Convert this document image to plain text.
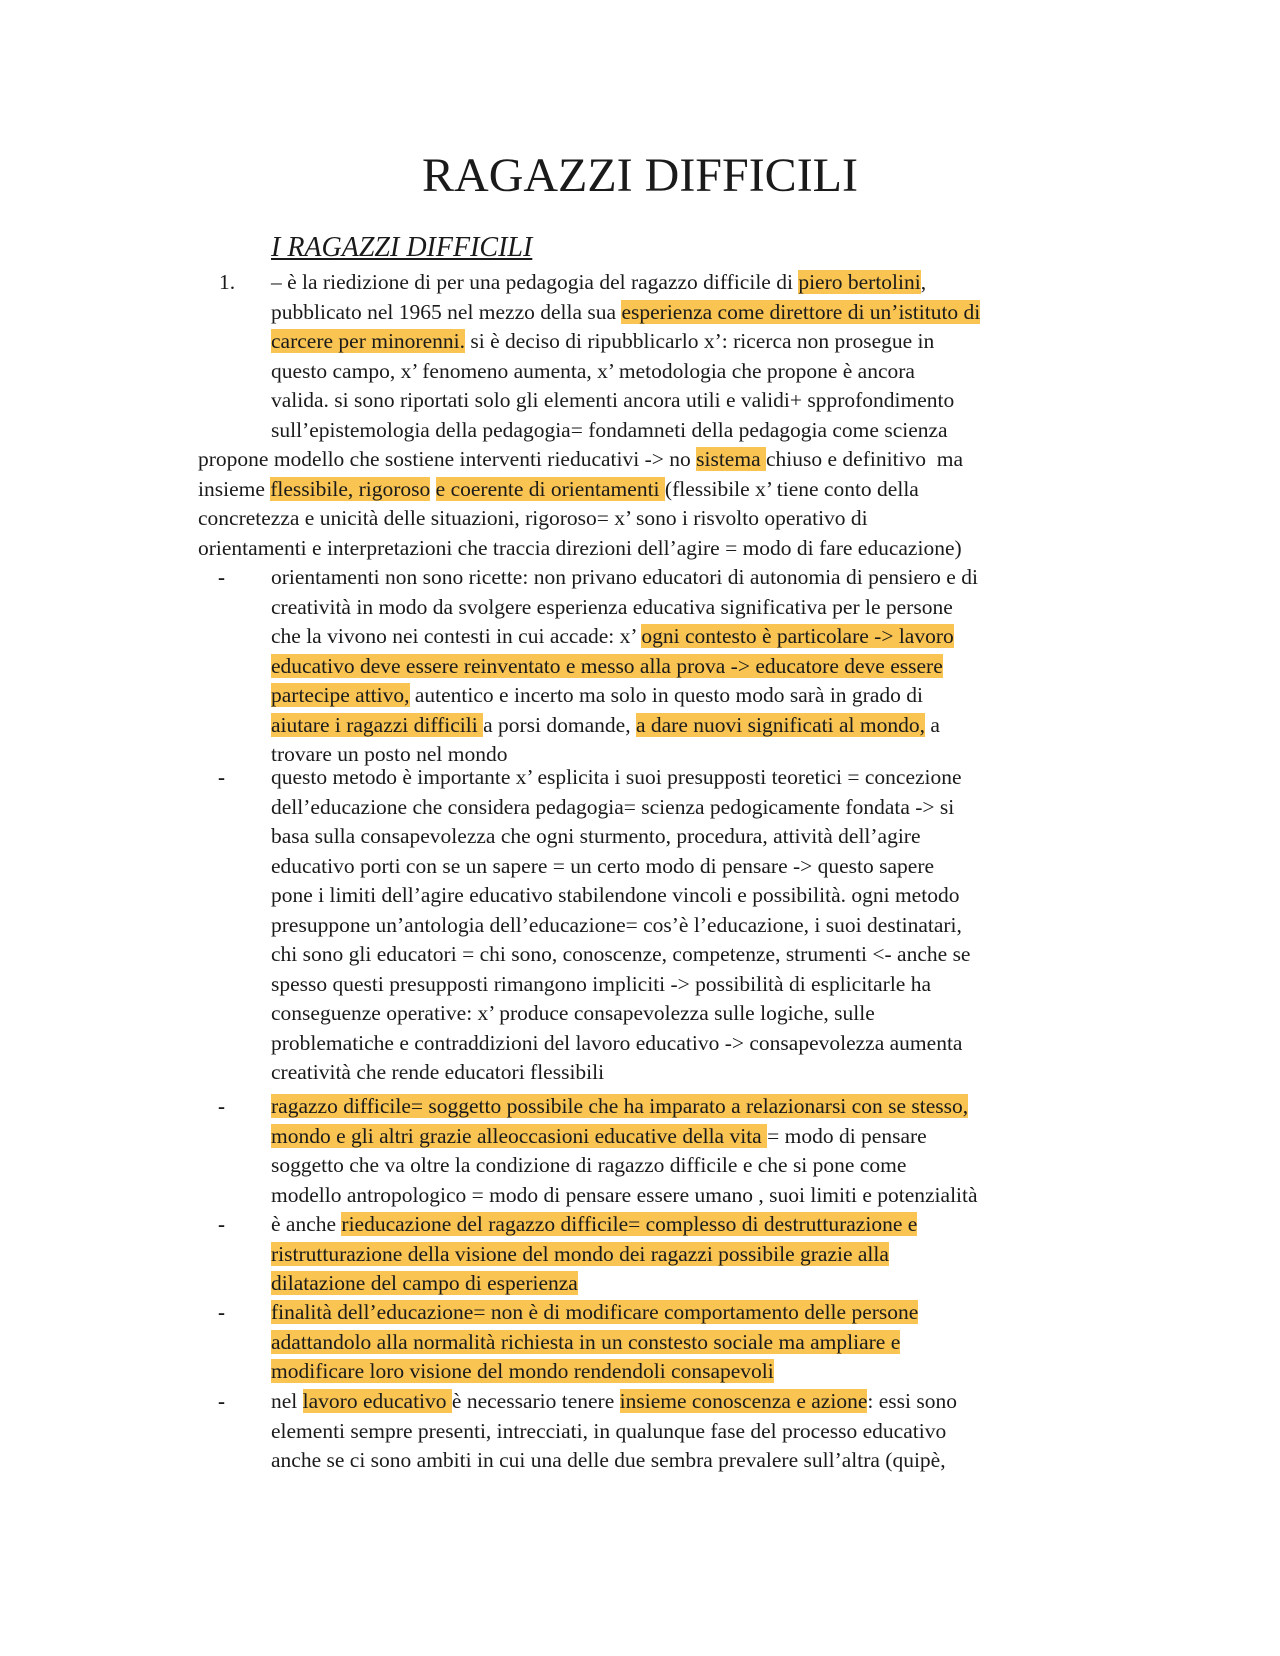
RAGAZZI DIFFICILI
I RAGAZZI DIFFICILI
1. – è la riedizione di per una pedagogia del ragazzo difficile di piero bertolini,
pubblicato nel 1965 nel mezzo della sua esperienza come direttore di un’istituto di
carcere per minorenni. si è deciso di ripubblicarlo x’: ricerca non prosegue in
questo campo, x’ fenomeno aumenta, x’ metodologia che propone è ancora
valida. si sono riportati solo gli elementi ancora utili e validi+ spprofondimento
sull’epistemologia della pedagogia= fondamneti della pedagogia come scienza
propone modello che sostiene interventi rieducativi -> no sistema chiuso e definitivo  ma
insieme flessibile, rigoroso e coerente di orientamenti (flessibile x’ tiene conto della
concretezza e unicità delle situazioni, rigoroso= x’ sono i risvolto operativo di
orientamenti e interpretazioni che traccia direzioni dell’agire = modo di fare educazione)
- orientamenti non sono ricette: non privano educatori di autonomia di pensiero e di
creatività in modo da svolgere esperienza educativa significativa per le persone
che la vivono nei contesti in cui accade: x’ ogni contesto è particolare -> lavoro
educativo deve essere reinventato e messo alla prova -> educatore deve essere
partecipe attivo, autentico e incerto ma solo in questo modo sarà in grado di
aiutare i ragazzi difficili a porsi domande, a dare nuovi significati al mondo, a
trovare un posto nel mondo
- questo metodo è importante x’ esplicita i suoi presupposti teoretici = concezione
dell’educazione che considera pedagogia= scienza pedogicamente fondata -> si
basa sulla consapevolezza che ogni sturmento, procedura, attività dell’agire
educativo porti con se un sapere = un certo modo di pensare -> questo sapere
pone i limiti dell’agire educativo stabilendone vincoli e possibilità. ogni metodo
presuppone un’antologia dell’educazione= cos’è l’educazione, i suoi destinatari,
chi sono gli educatori = chi sono, conoscenze, competenze, strumenti <- anche se
spesso questi presupposti rimangono impliciti -> possibilità di esplicitarle ha
conseguenze operative: x’ produce consapevolezza sulle logiche, sulle
problematiche e contraddizioni del lavoro educativo -> consapevolezza aumenta
creatività che rende educatori flessibili
- ragazzo difficile= soggetto possibile che ha imparato a relazionarsi con se stesso,
mondo e gli altri grazie alleoccasioni educative della vita = modo di pensare
soggetto che va oltre la condizione di ragazzo difficile e che si pone come
modello antropologico = modo di pensare essere umano , suoi limiti e potenzialità
- è anche rieducazione del ragazzo difficile= complesso di destrutturazione e
ristrutturazione della visione del mondo dei ragazzi possibile grazie alla
dilatazione del campo di esperienza
- finalità dell’educazione= non è di modificare comportamento delle persone
adattandolo alla normalità richiesta in un constesto sociale ma ampliare e
modificare loro visione del mondo rendendoli consapevoli
- nel lavoro educativo è necessario tenere insieme conoscenza e azione: essi sono
elementi sempre presenti, intrecciati, in qualunque fase del processo educativo
anche se ci sono ambiti in cui una delle due sembra prevalere sull’altra (quipè,
